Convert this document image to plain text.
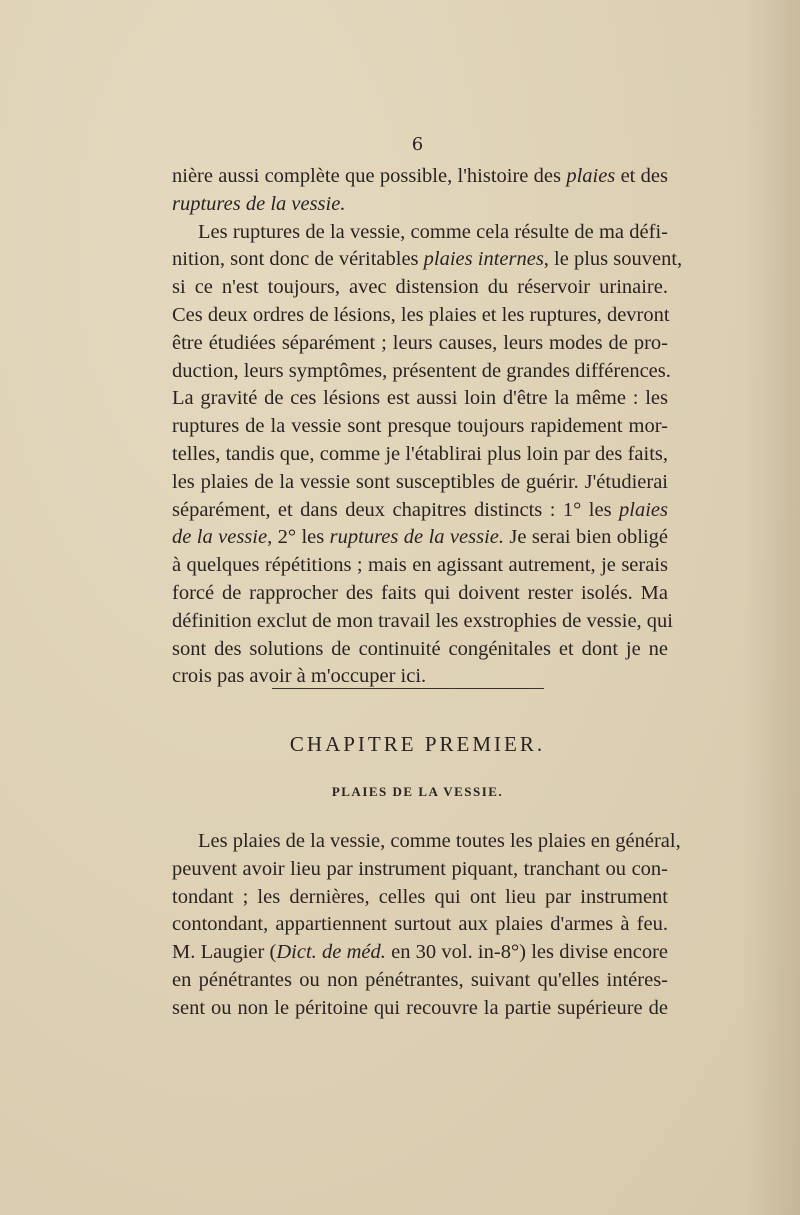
6
nière aussi complète que possible, l'histoire des plaies et des
ruptures de la vessie.
Les ruptures de la vessie, comme cela résulte de ma défi-
nition, sont donc de véritables plaies internes, le plus souvent,
si ce n'est toujours, avec distension du réservoir urinaire.
Ces deux ordres de lésions, les plaies et les ruptures, devront
être étudiées séparément ; leurs causes, leurs modes de pro-
duction, leurs symptômes, présentent de grandes différences.
La gravité de ces lésions est aussi loin d'être la même : les
ruptures de la vessie sont presque toujours rapidement mor-
telles, tandis que, comme je l'établirai plus loin par des faits,
les plaies de la vessie sont susceptibles de guérir. J'étudierai
séparément, et dans deux chapitres distincts : 1° les plaies
de la vessie, 2° les ruptures de la vessie. Je serai bien obligé
à quelques répétitions ; mais en agissant autrement, je serais
forcé de rapprocher des faits qui doivent rester isolés. Ma
définition exclut de mon travail les exstrophies de vessie, qui
sont des solutions de continuité congénitales et dont je ne
crois pas avoir à m'occuper ici.
CHAPITRE PREMIER.
PLAIES DE LA VESSIE.
Les plaies de la vessie, comme toutes les plaies en général,
peuvent avoir lieu par instrument piquant, tranchant ou con-
tondant ; les dernières, celles qui ont lieu par instrument
contondant, appartiennent surtout aux plaies d'armes à feu.
M. Laugier (Dict. de méd. en 30 vol. in-8°) les divise encore
en pénétrantes ou non pénétrantes, suivant qu'elles intéres-
sent ou non le péritoine qui recouvre la partie supérieure de
